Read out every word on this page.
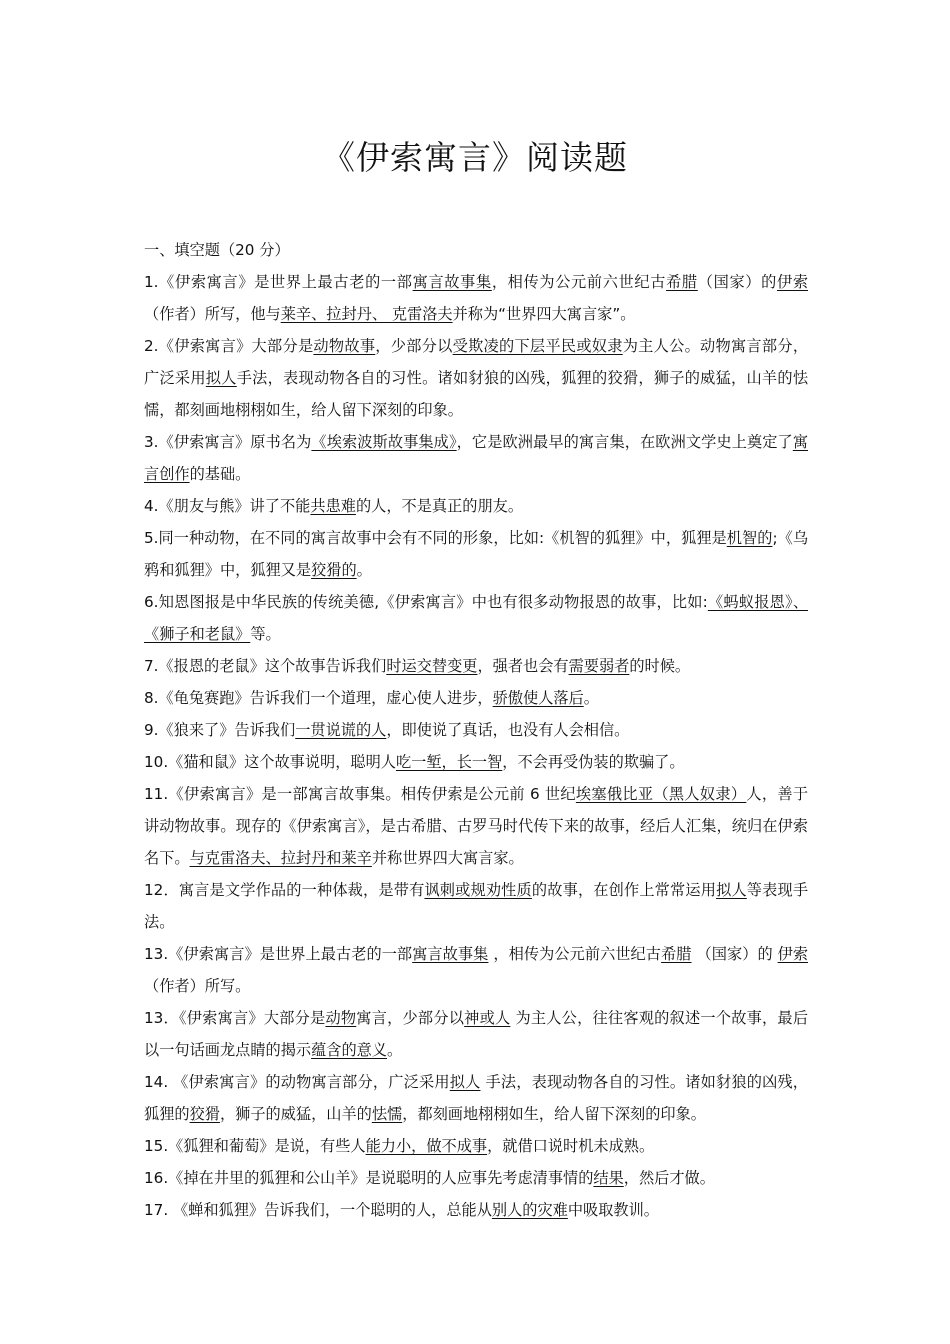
《伊索寓言》阅读题

一、填空题（20 分）

1.《伊索寓言》是世界上最古老的一部寓言故事集，相传为公元前六世纪古希腊（国家）的伊索（作者）所写，他与莱辛、拉封丹、 克雷洛夫并称为“世界四大寓言家”。

2.《伊索寓言》大部分是动物故事，少部分以受欺凌的下层平民或奴隶为主人公。动物寓言部分，广泛采用拟人手法，表现动物各自的习性。诸如豺狼的凶残，狐狸的狡猾，狮子的威猛，山羊的怯懦，都刻画地栩栩如生，给人留下深刻的印象。

3.《伊索寓言》原书名为《埃索波斯故事集成》，它是欧洲最早的寓言集，在欧洲文学史上奠定了寓言创作的基础。

4.《朋友与熊》讲了不能共患难的人，不是真正的朋友。

5.同一种动物，在不同的寓言故事中会有不同的形象，比如:《机智的狐狸》中，狐狸是机智的;《乌鸦和狐狸》中，狐狸又是狡猾的。

6.知恩图报是中华民族的传统美德,《伊索寓言》中也有很多动物报恩的故事，比如:《蚂蚁报恩》、《狮子和老鼠》等。

7.《报恩的老鼠》这个故事告诉我们时运交替变更，强者也会有需要弱者的时候。

8.《龟兔赛跑》告诉我们一个道理，虚心使人进步，骄傲使人落后。

9.《狼来了》告诉我们一贯说谎的人，即使说了真话，也没有人会相信。

10.《猫和鼠》这个故事说明，聪明人吃一堑，长一智，不会再受伪装的欺骗了。

11.《伊索寓言》是一部寓言故事集。相传伊索是公元前 6 世纪埃塞俄比亚（黑人奴隶）人，善于讲动物故事。现存的《伊索寓言》，是古希腊、古罗马时代传下来的故事，经后人汇集，统归在伊索名下。与克雷洛夫、拉封丹和莱辛并称世界四大寓言家。

12．寓言是文学作品的一种体裁，是带有讽刺或规劝性质的故事，在创作上常常运用拟人等表现手法。

13.《伊索寓言》是世界上最古老的一部寓言故事集 ，相传为公元前六世纪古希腊 （国家）的 伊索（作者）所写。

13．《伊索寓言》大部分是动物寓言，少部分以神或人 为主人公，往往客观的叙述一个故事，最后以一句话画龙点睛的揭示蕴含的意义。

14. 《伊索寓言》的动物寓言部分，广泛采用拟人 手法，表现动物各自的习性。诸如豺狼的凶残，狐狸的狡猾，狮子的威猛，山羊的怯懦，都刻画地栩栩如生，给人留下深刻的印象。

15.《狐狸和葡萄》是说，有些人能力小，做不成事，就借口说时机未成熟。

16.《掉在井里的狐狸和公山羊》是说聪明的人应事先考虑清事情的结果，然后才做。

17. 《蝉和狐狸》告诉我们，一个聪明的人，总能从别人的灾难中吸取教训。
